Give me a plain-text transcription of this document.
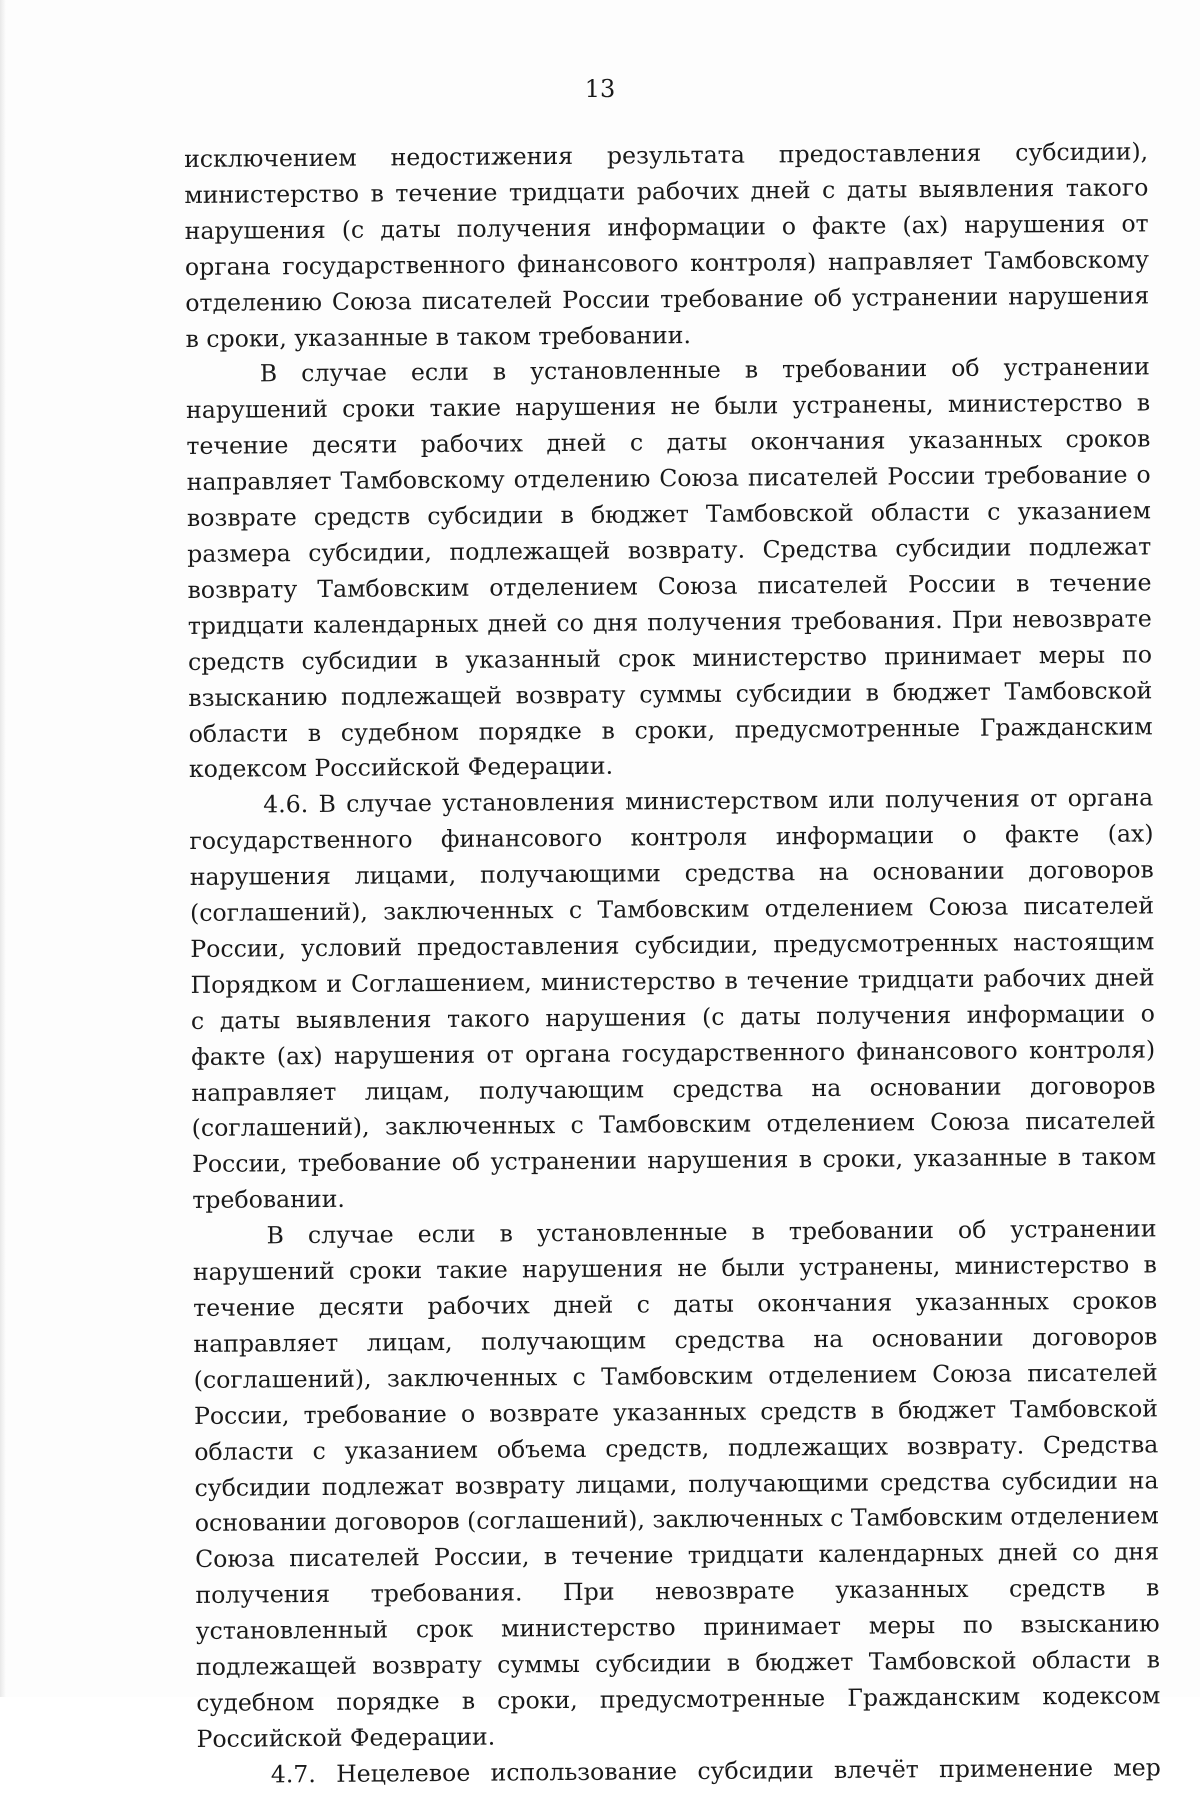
13

исключением недостижения результата предоставления субсидии), министерство в течение тридцати рабочих дней с даты выявления такого нарушения (с даты получения информации о факте (ах) нарушения от органа государственного финансового контроля) направляет Тамбовскому отделению Союза писателей России требование об устранении нарушения в сроки, указанные в таком требовании.

В случае если в установленные в требовании об устранении нарушений сроки такие нарушения не были устранены, министерство в течение десяти рабочих дней с даты окончания указанных сроков направляет Тамбовскому отделению Союза писателей России требование о возврате средств субсидии в бюджет Тамбовской области с указанием размера субсидии, подлежащей возврату. Средства субсидии подлежат возврату Тамбовским отделением Союза писателей России в течение тридцати календарных дней со дня получения требования. При невозврате средств субсидии в указанный срок министерство принимает меры по взысканию подлежащей возврату суммы субсидии в бюджет Тамбовской области в судебном порядке в сроки, предусмотренные Гражданским кодексом Российской Федерации.

4.6. В случае установления министерством или получения от органа государственного финансового контроля информации о факте (ах) нарушения лицами, получающими средства на основании договоров (соглашений), заключенных с Тамбовским отделением Союза писателей России, условий предоставления субсидии, предусмотренных настоящим Порядком и Соглашением, министерство в течение тридцати рабочих дней с даты выявления такого нарушения (с даты получения информации о факте (ах) нарушения от органа государственного финансового контроля) направляет лицам, получающим средства на основании договоров (соглашений), заключенных с Тамбовским отделением Союза писателей России, требование об устранении нарушения в сроки, указанные в таком требовании.

В случае если в установленные в требовании об устранении нарушений сроки такие нарушения не были устранены, министерство в течение десяти рабочих дней с даты окончания указанных сроков направляет лицам, получающим средства на основании договоров (соглашений), заключенных с Тамбовским отделением Союза писателей России, требование о возврате указанных средств в бюджет Тамбовской области с указанием объема средств, подлежащих возврату. Средства субсидии подлежат возврату лицами, получающими средства субсидии на основании договоров (соглашений), заключенных с Тамбовским отделением Союза писателей России, в течение тридцати календарных дней со дня получения требования. При невозврате указанных средств в установленный срок министерство принимает меры по взысканию подлежащей возврату суммы субсидии в бюджет Тамбовской области в судебном порядке в сроки, предусмотренные Гражданским кодексом Российской Федерации.

4.7. Нецелевое использование субсидии влечёт применение мер
